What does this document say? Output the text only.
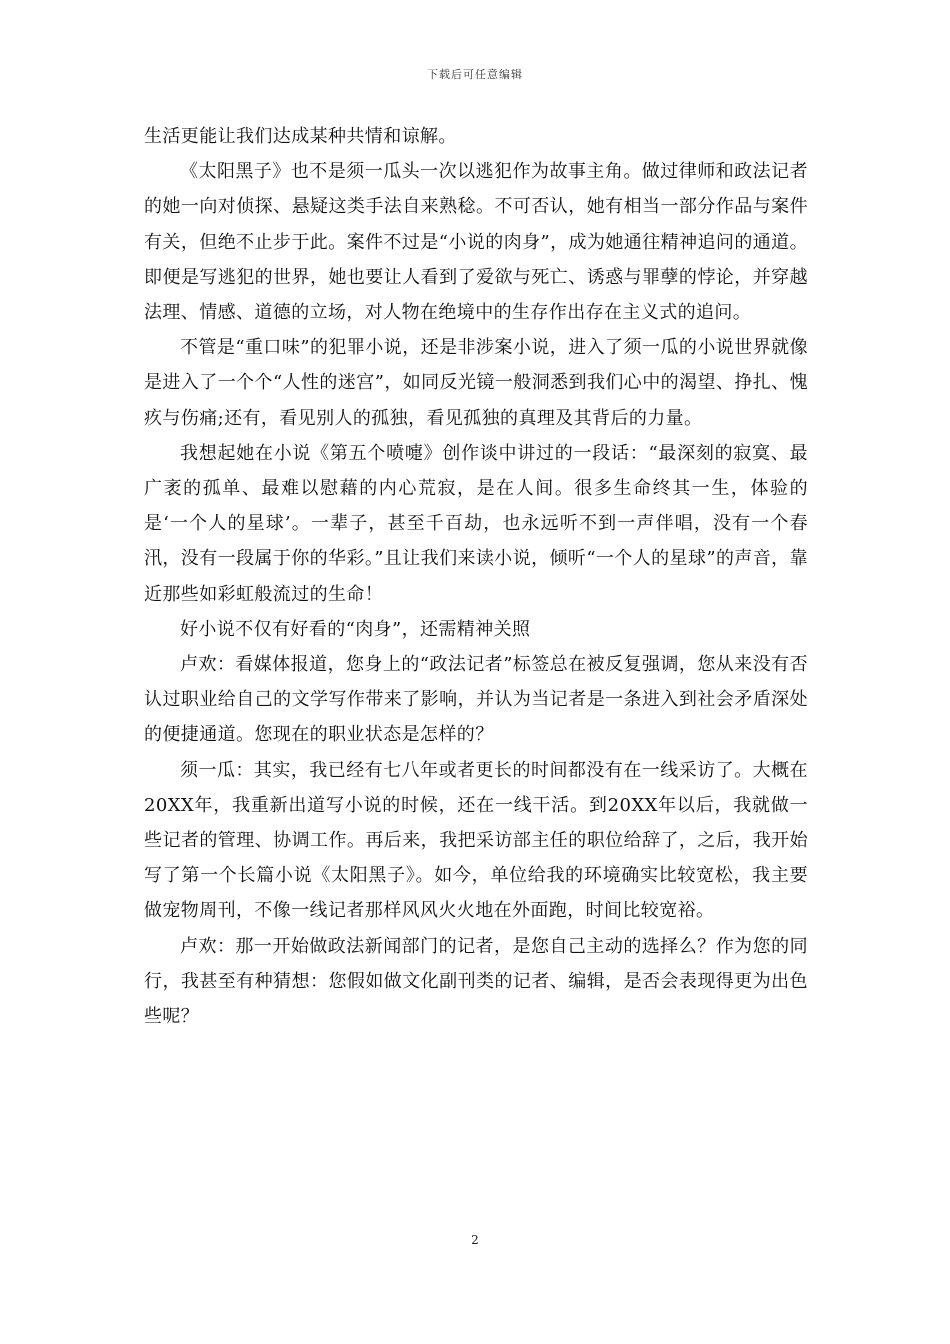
下载后可任意编辑

生活更能让我们达成某种共情和谅解。

《太阳黑子》也不是须一瓜头一次以逃犯作为故事主角。做过律师和政法记者的她一向对侦探、悬疑这类手法自来熟稔。不可否认，她有相当一部分作品与案件有关，但绝不止步于此。案件不过是“小说的肉身”，成为她通往精神追问的通道。即便是写逃犯的世界，她也要让人看到了爱欲与死亡、诱惑与罪孽的悖论，并穿越法理、情感、道德的立场，对人物在绝境中的生存作出存在主义式的追问。

不管是“重口味”的犯罪小说，还是非涉案小说，进入了须一瓜的小说世界就像是进入了一个个“人性的迷宫”，如同反光镜一般洞悉到我们心中的渴望、挣扎、愧疚与伤痛;还有，看见别人的孤独，看见孤独的真理及其背后的力量。

我想起她在小说《第五个喷嚏》创作谈中讲过的一段话：“最深刻的寂寞、最广袤的孤单、最难以慰藉的内心荒寂，是在人间。很多生命终其一生，体验的是‘一个人的星球’。一辈子，甚至千百劫，也永远听不到一声伴唱，没有一个春汛，没有一段属于你的华彩。”且让我们来读小说，倾听“一个人的星球”的声音，靠近那些如彩虹般流过的生命！

好小说不仅有好看的“肉身”，还需精神关照

卢欢：看媒体报道，您身上的“政法记者”标签总在被反复强调，您从来没有否认过职业给自己的文学写作带来了影响，并认为当记者是一条进入到社会矛盾深处的便捷通道。您现在的职业状态是怎样的？

须一瓜：其实，我已经有七八年或者更长的时间都没有在一线采访了。大概在20XX年，我重新出道写小说的时候，还在一线干活。到20XX年以后，我就做一些记者的管理、协调工作。再后来，我把采访部主任的职位给辞了，之后，我开始写了第一个长篇小说《太阳黑子》。如今，单位给我的环境确实比较宽松，我主要做宠物周刊，不像一线记者那样风风火火地在外面跑，时间比较宽裕。

卢欢：那一开始做政法新闻部门的记者，是您自己主动的选择么？作为您的同行，我甚至有种猜想：您假如做文化副刊类的记者、编辑，是否会表现得更为出色些呢？

2
